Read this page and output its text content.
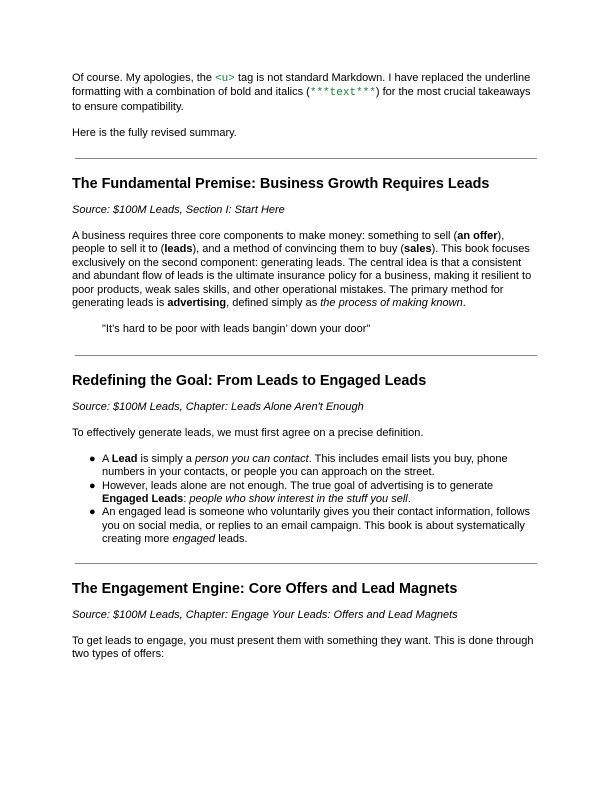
Of course. My apologies, the <u> tag is not standard Markdown. I have replaced the underline formatting with a combination of bold and italics (***text***) for the most crucial takeaways to ensure compatibility.

Here is the fully revised summary.

The Fundamental Premise: Business Growth Requires Leads

Source: $100M Leads, Section I: Start Here

A business requires three core components to make money: something to sell (an offer), people to sell it to (leads), and a method of convincing them to buy (sales). This book focuses exclusively on the second component: generating leads. The central idea is that a consistent and abundant flow of leads is the ultimate insurance policy for a business, making it resilient to poor products, weak sales skills, and other operational mistakes. The primary method for generating leads is advertising, defined simply as the process of making known.

"It’s hard to be poor with leads bangin’ down your door"

Redefining the Goal: From Leads to Engaged Leads

Source: $100M Leads, Chapter: Leads Alone Aren't Enough

To effectively generate leads, we must first agree on a precise definition.

● A Lead is simply a person you can contact. This includes email lists you buy, phone numbers in your contacts, or people you can approach on the street.
● However, leads alone are not enough. The true goal of advertising is to generate Engaged Leads: people who show interest in the stuff you sell.
● An engaged lead is someone who voluntarily gives you their contact information, follows you on social media, or replies to an email campaign. This book is about systematically creating more engaged leads.
The Engagement Engine: Core Offers and Lead Magnets

Source: $100M Leads, Chapter: Engage Your Leads: Offers and Lead Magnets

To get leads to engage, you must present them with something they want. This is done through two types of offers:
